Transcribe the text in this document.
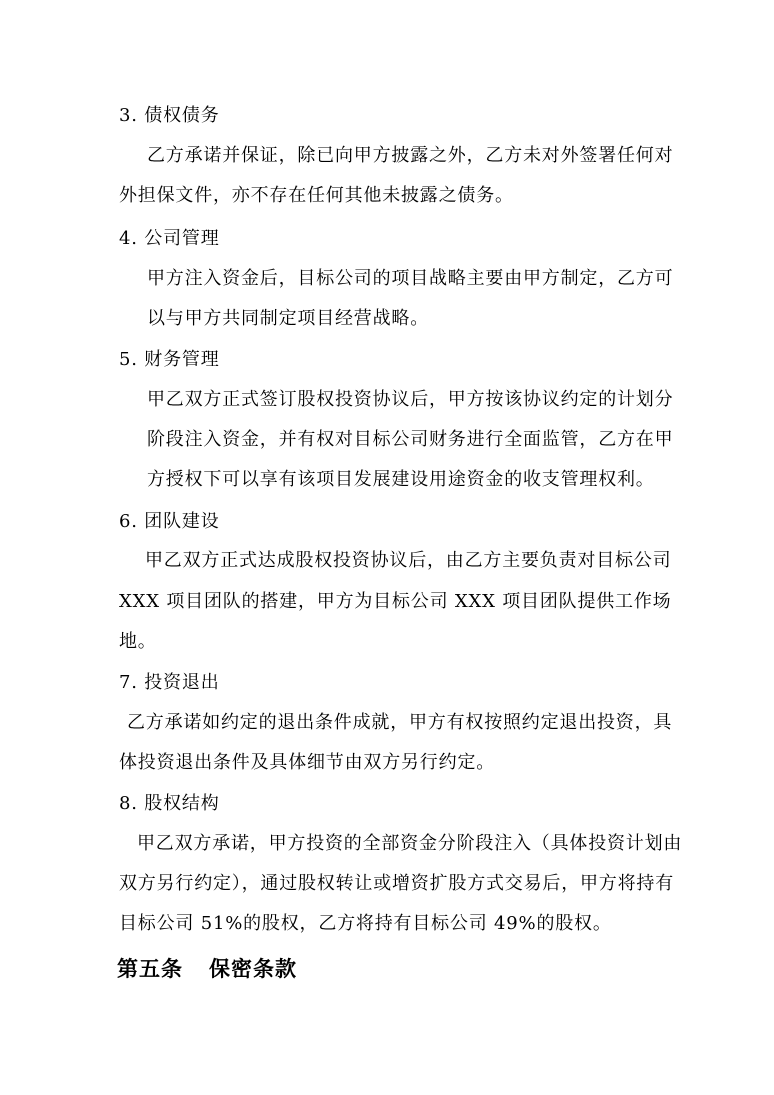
3. 债权债务
乙方承诺并保证，除已向甲方披露之外，乙方未对外签署任何对
外担保文件，亦不存在任何其他未披露之债务。
4. 公司管理
甲方注入资金后，目标公司的项目战略主要由甲方制定，乙方可
以与甲方共同制定项目经营战略。
5. 财务管理
甲乙双方正式签订股权投资协议后，甲方按该协议约定的计划分
阶段注入资金，并有权对目标公司财务进行全面监管，乙方在甲
方授权下可以享有该项目发展建设用途资金的收支管理权利。
6. 团队建设
甲乙双方正式达成股权投资协议后，由乙方主要负责对目标公司
XXX 项目团队的搭建，甲方为目标公司 XXX 项目团队提供工作场
地。
7. 投资退出
乙方承诺如约定的退出条件成就，甲方有权按照约定退出投资，具
体投资退出条件及具体细节由双方另行约定。
8. 股权结构
甲乙双方承诺，甲方投资的全部资金分阶段注入（具体投资计划由
双方另行约定），通过股权转让或增资扩股方式交易后，甲方将持有
目标公司 51%的股权，乙方将持有目标公司 49%的股权。
第五条 保密条款
